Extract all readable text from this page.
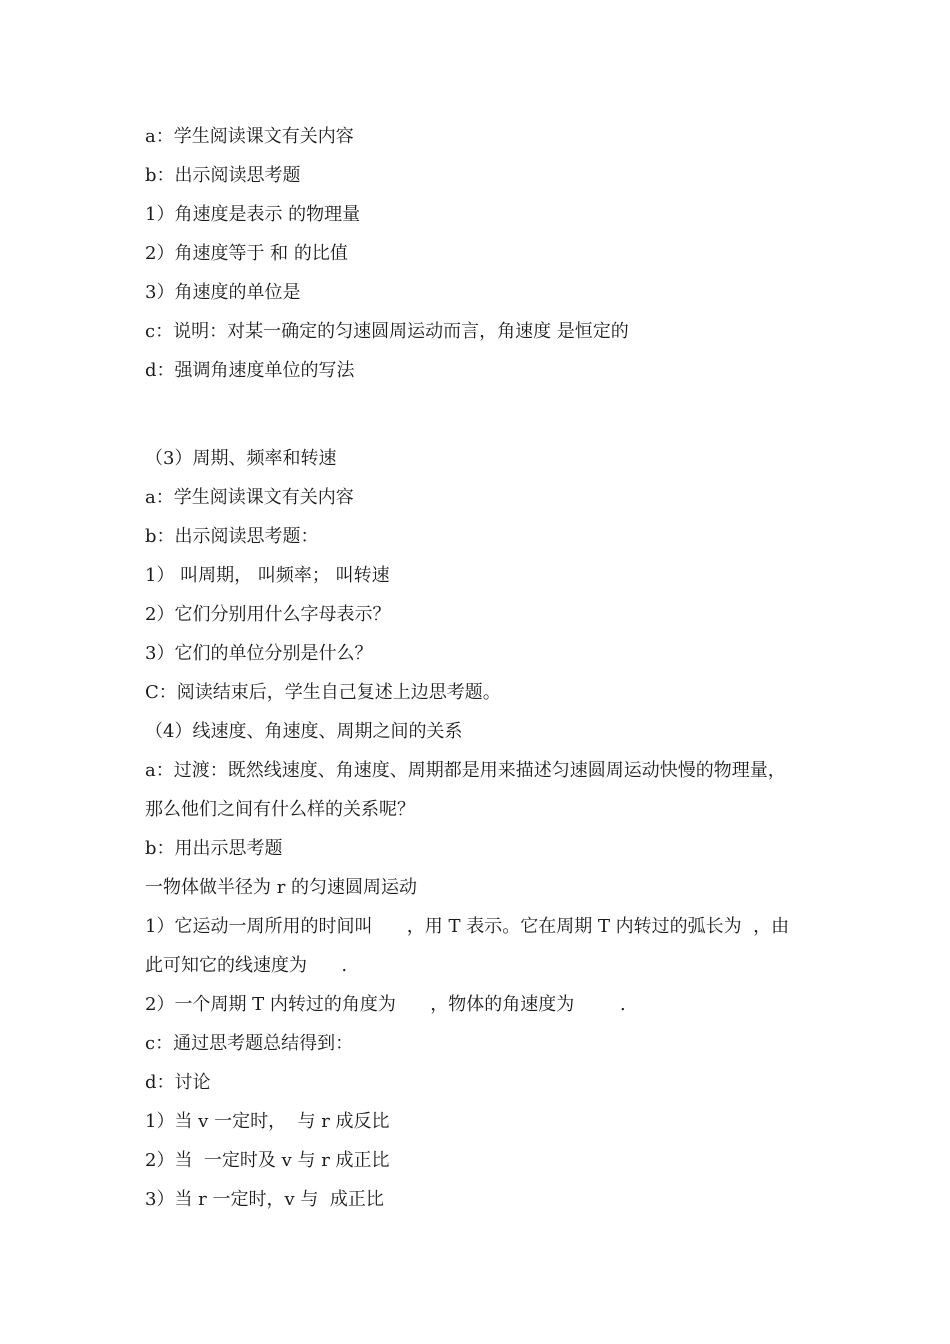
a：学生阅读课文有关内容
b：出示阅读思考题
1）角速度是表示 的物理量
2）角速度等于 和 的比值
3）角速度的单位是
c：说明：对某一确定的匀速圆周运动而言，角速度 是恒定的
d：强调角速度单位的写法
（3）周期、频率和转速
a：学生阅读课文有关内容
b：出示阅读思考题：
1） 叫周期， 叫频率； 叫转速
2）它们分别用什么字母表示？
3）它们的单位分别是什么？
C：阅读结束后，学生自己复述上边思考题。
（4）线速度、角速度、周期之间的关系
a：过渡：既然线速度、角速度、周期都是用来描述匀速圆周运动快慢的物理量，
那么他们之间有什么样的关系呢？
b：用出示思考题
一物体做半径为 r 的匀速圆周运动
1）它运动一周所用的时间叫      ，用 T 表示。它在周期 T 内转过的弧长为  ，由
此可知它的线速度为      .
2）一个周期 T 内转过的角度为      ，物体的角速度为        .
c：通过思考题总结得到：
d：讨论
1）当 v 一定时，  与 r 成反比
2）当  一定时及 v 与 r 成正比
3）当 r 一定时，v 与  成正比
